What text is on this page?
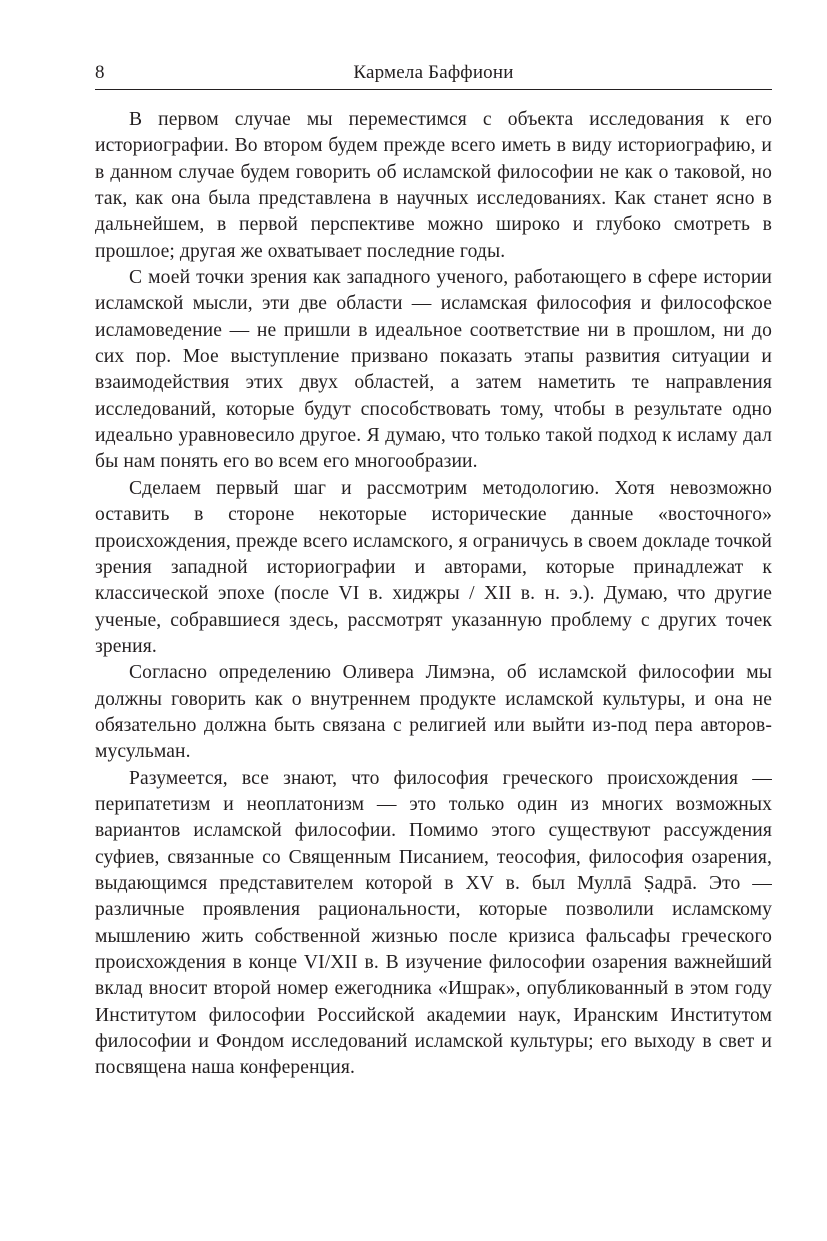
8	Кармела Баффиони

В первом случае мы переместимся с объекта исследования к его историографии. Во втором будем прежде всего иметь в виду историографию, и в данном случае будем говорить об исламской философии не как о таковой, но так, как она была представлена в научных исследованиях. Как станет ясно в дальнейшем, в первой перспективе можно широко и глубоко смотреть в прошлое; другая же охватывает последние годы.

С моей точки зрения как западного ученого, работающего в сфере истории исламской мысли, эти две области — исламская философия и философское исламоведение — не пришли в идеальное соответствие ни в прошлом, ни до сих пор. Мое выступление призвано показать этапы развития ситуации и взаимодействия этих двух областей, а затем наметить те направления исследований, которые будут способствовать тому, чтобы в результате одно идеально уравновесило другое. Я думаю, что только такой подход к исламу дал бы нам понять его во всем его многообразии.

Сделаем первый шаг и рассмотрим методологию. Хотя невозможно оставить в стороне некоторые исторические данные «восточного» происхождения, прежде всего исламского, я ограничусь в своем докладе точкой зрения западной историографии и авторами, которые принадлежат к классической эпохе (после VI в. хиджры / XII в. н. э.). Думаю, что другие ученые, собравшиеся здесь, рассмотрят указанную проблему с других точек зрения.

Согласно определению Оливера Лимэна, об исламской философии мы должны говорить как о внутреннем продукте исламской культуры, и она не обязательно должна быть связана с религией или выйти из-под пера авторов-мусульман.

Разумеется, все знают, что философия греческого происхождения — перипатетизм и неоплатонизм — это только один из многих возможных вариантов исламской философии. Помимо этого существуют рассуждения суфиев, связанные со Священным Писанием, теософия, философия озарения, выдающимся представителем которой в XV в. был Муллā Ṣадрā. Это — различные проявления рациональности, которые позволили исламскому мышлению жить собственной жизнью после кризиса фальсафы греческого происхождения в конце VI/XII в. В изучение философии озарения важнейший вклад вносит второй номер ежегодника «Ишрак», опубликованный в этом году Институтом философии Российской академии наук, Иранским Институтом философии и Фондом исследований исламской культуры; его выходу в свет и посвящена наша конференция.
